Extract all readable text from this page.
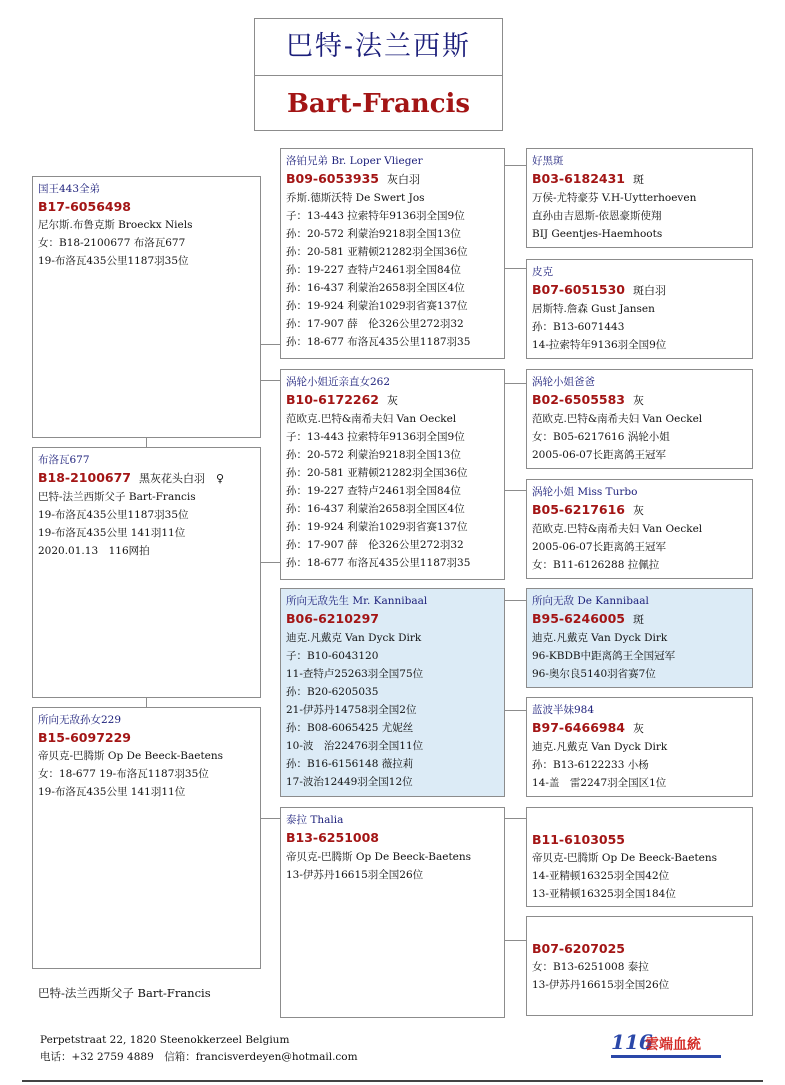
巴特-法兰西斯
Bart-Francis
国王443全弟
B17-6056498
尼尔斯.布鲁克斯 Broeckx Niels
女：B18-2100677 布洛瓦677
19-布洛瓦435公里1187羽35位
布洛瓦677
B18-2100677 黑灰花头白羽　♀
巴特-法兰西斯父子 Bart-Francis
19-布洛瓦435公里1187羽35位
19-布洛瓦435公里 141羽11位
2020.01.13　116网拍
所向无敌孙女229
B15-6097229
帝贝克-巴腾斯 Op De Beeck-Baetens
女：18-677 19-布洛瓦1187羽35位
19-布洛瓦435公里 141羽11位
洛铂兄弟 Br. Loper Vlieger
B09-6053935 灰白羽
乔斯.德斯沃特 De Swert Jos
子：13-443 拉索特年9136羽全国9位
孙：20-572 利蒙治9218羽全国13位
孙：20-581 亚精顿21282羽全国36位
孙：19-227 查特卢2461羽全国84位
孙：16-437 利蒙治2658羽全国区4位
孙：19-924 利蒙治1029羽省赛137位
孙：17-907 薛　伦326公里272羽32
孙：18-677 布洛瓦435公里1187羽35
涡轮小姐近亲直女262
B10-6172262 灰
范欧克.巴特&南希夫妇 Van Oeckel
子：13-443 拉索特年9136羽全国9位
孙：20-572 利蒙治9218羽全国13位
孙：20-581 亚精顿21282羽全国36位
孙：19-227 查特卢2461羽全国84位
孙：16-437 利蒙治2658羽全国区4位
孙：19-924 利蒙治1029羽省赛137位
孙：17-907 薛　伦326公里272羽32
孙：18-677 布洛瓦435公里1187羽35
所向无敌先生 Mr. Kannibaal
B06-6210297
迪克.凡戴克 Van Dyck Dirk
子：B10-6043120
11-查特卢25263羽全国75位
孙：B20-6205035
21-伊苏丹14758羽全国2位
孙：B08-6065425 尤妮丝
10-波　治22476羽全国11位
孙：B16-6156148 薇拉莉
17-波治12449羽全国12位
泰拉 Thalia
B13-6251008
帝贝克-巴腾斯 Op De Beeck-Baetens
13-伊苏丹16615羽全国26位
好黑斑
B03-6182431 斑
万侯-尤特豪芬 V.H-Uytterhoeven
直孙由吉恩斯-依恩豪斯使翔
BIJ Geentjes-Haemhoots
皮克
B07-6051530 斑白羽
居斯特.詹森 Gust Jansen
孙：B13-6071443
14-拉索特年9136羽全国9位
涡轮小姐爸爸
B02-6505583 灰
范欧克.巴特&南希夫妇 Van Oeckel
女：B05-6217616 涡轮小姐
2005-06-07长距离鸽王冠军
涡轮小姐 Miss Turbo
B05-6217616 灰
范欧克.巴特&南希夫妇 Van Oeckel
2005-06-07长距离鸽王冠军
女：B11-6126288 拉佩拉
所向无敌 De Kannibaal
B95-6246005 斑
迪克.凡戴克 Van Dyck Dirk
96-KBDB中距离鸽王全国冠军
96-奥尔良5140羽省赛7位
蓝波半妹984
B97-6466984 灰
迪克.凡戴克 Van Dyck Dirk
孙：B13-6122233 小杨
14-盖　雷2247羽全国区1位
B11-6103055
帝贝克-巴腾斯 Op De Beeck-Baetens
14-亚精顿16325羽全国42位
13-亚精顿16325羽全国184位
B07-6207025
女：B13-6251008 泰拉
13-伊苏丹16615羽全国26位
巴特-法兰西斯父子 Bart-Francis
Perpetstraat 22, 1820 Steenokkerzeel Belgium
电话：+32 2759 4889　信箱：francisverdeyen@hotmail.com
116
雲端血統
